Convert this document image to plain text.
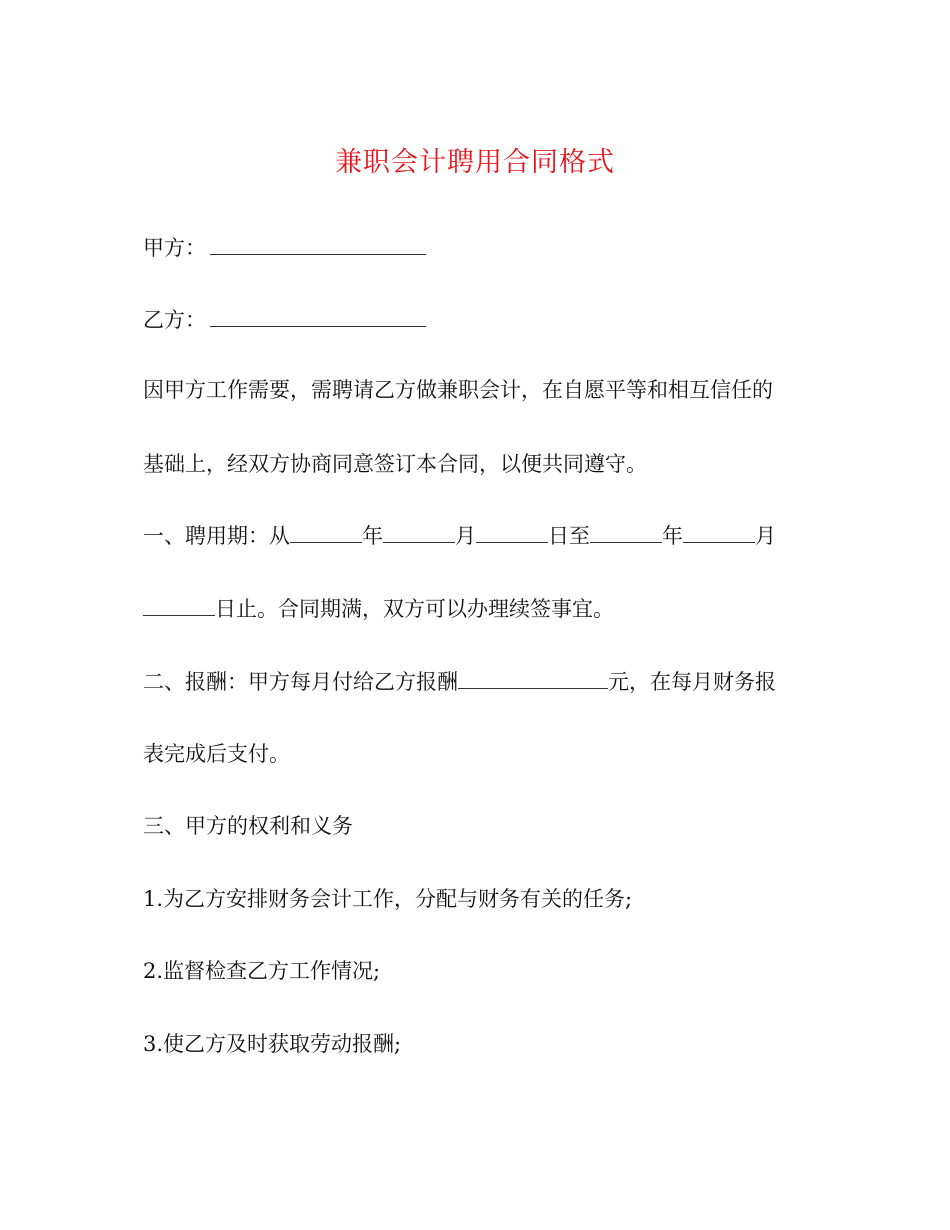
兼职会计聘用合同格式
甲方：
乙方：
因甲方工作需要，需聘请乙方做兼职会计，在自愿平等和相互信任的
基础上，经双方协商同意签订本合同，以便共同遵守。
一、聘用期：从	年	月	日至	年	月
日止。合同期满，双方可以办理续签事宜。
二、报酬：甲方每月付给乙方报酬	元，在每月财务报
表完成后支付。
三、甲方的权利和义务
1.为乙方安排财务会计工作，分配与财务有关的任务;
2.监督检查乙方工作情况;
3.使乙方及时获取劳动报酬;
